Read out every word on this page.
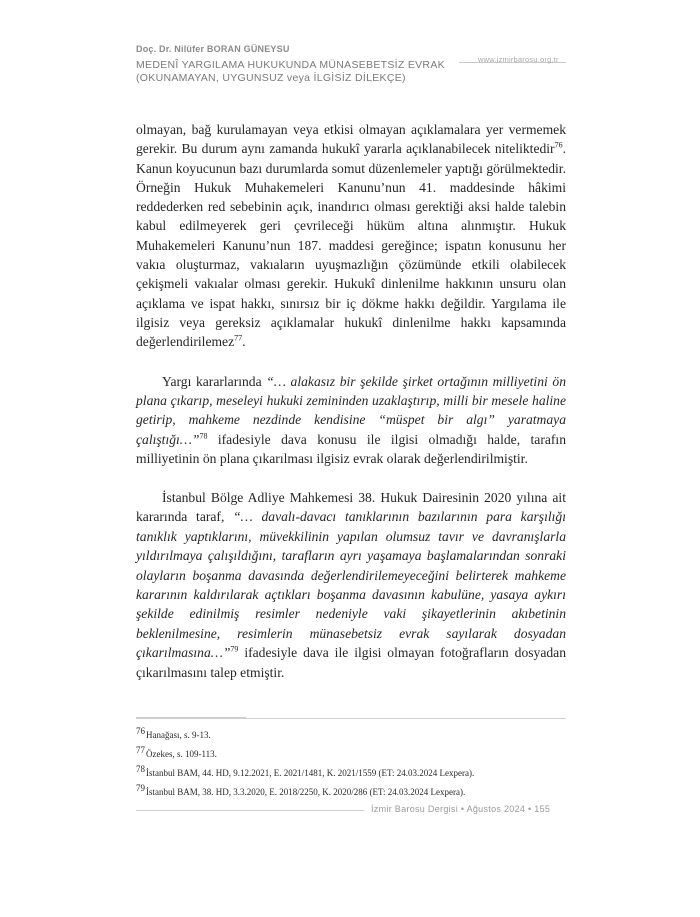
Doç. Dr. Nilüfer BORAN GÜNEYSU
MEDENÎ YARGILAMA HUKUKUNDA MÜNASEBETSİZ EVRAK
(OKUNAMAYAN, UYGUNSUZ veya İLGİSİZ DİLEKÇE)
www.izmirbarosu.org.tr

olmayan, bağ kurulamayan veya etkisi olmayan açıklamalara yer vermemek gerekir. Bu durum aynı zamanda hukukî yararla açıklanabilecek niteliktedir$^{76}$. Kanun koyucunun bazı durumlarda somut düzenlemeler yaptığı görülmektedir. Örneğin Hukuk Muhakemeleri Kanunu’nun 41. maddesinde hâkimi reddederken red sebebinin açık, inandırıcı olması gerektiği aksi halde talebin kabul edilmeyerek geri çevrileceği hüküm altına alınmıştır. Hukuk Muhakemeleri Kanunu’nun 187. maddesi gereğince; ispatın konusunu her vakıa oluşturmaz, vakıaların uyuşmazlığın çözümünde etkili olabilecek çekişmeli vakıalar olması gerekir. Hukukî dinlenilme hakkının unsuru olan açıklama ve ispat hakkı, sınırsız bir iç dökme hakkı değildir. Yargılama ile ilgisiz veya gereksiz açıklamalar hukukî dinlenilme hakkı kapsamında değerlendirilemez$^{77}$.

Yargı kararlarında “… alakasız bir şekilde şirket ortağının milliyetini ön plana çıkarıp, meseleyi hukuki zemininden uzaklaştırıp, milli bir mesele haline getirip, mahkeme nezdinde kendisine “müspet bir algı” yaratmaya çalıştığı…”$^{78}$ ifadesiyle dava konusu ile ilgisi olmadığı halde, tarafın milliyetinin ön plana çıkarılması ilgisiz evrak olarak değerlendirilmiştir.

İstanbul Bölge Adliye Mahkemesi 38. Hukuk Dairesinin 2020 yılına ait kararında taraf, “… davalı-davacı tanıklarının bazılarının para karşılığı tanıklık yaptıklarını, müvekkilinin yapılan olumsuz tavır ve davranışlarla yıldırılmaya çalışıldığını, tarafların ayrı yaşamaya başlamalarından sonraki olayların boşanma davasında değerlendirilemeyeceğini belirterek mahkeme kararının kaldırılarak açtıkları boşanma davasının kabulüne, yasaya aykırı şekilde edinilmiş resimler nedeniyle vaki şikayetlerinin akıbetinin beklenilmesine, resimlerin münasebetsiz evrak sayılarak dosyadan çıkarılmasına…”$^{79}$ ifadesiyle dava ile ilgisi olmayan fotoğrafların dosyadan çıkarılmasını talep etmiştir.

$^{76}$Hanağası, s. 9-13.
$^{77}$Özekes, s. 109-113.
$^{78}$İstanbul BAM, 44. HD, 9.12.2021, E. 2021/1481, K. 2021/1559 (ET: 24.03.2024 Lexpera).
$^{79}$İstanbul BAM, 38. HD, 3.3.2020, E. 2018/2250, K. 2020/286 (ET: 24.03.2024 Lexpera).
İzmir Barosu Dergisi • Ağustos 2024 • 155
